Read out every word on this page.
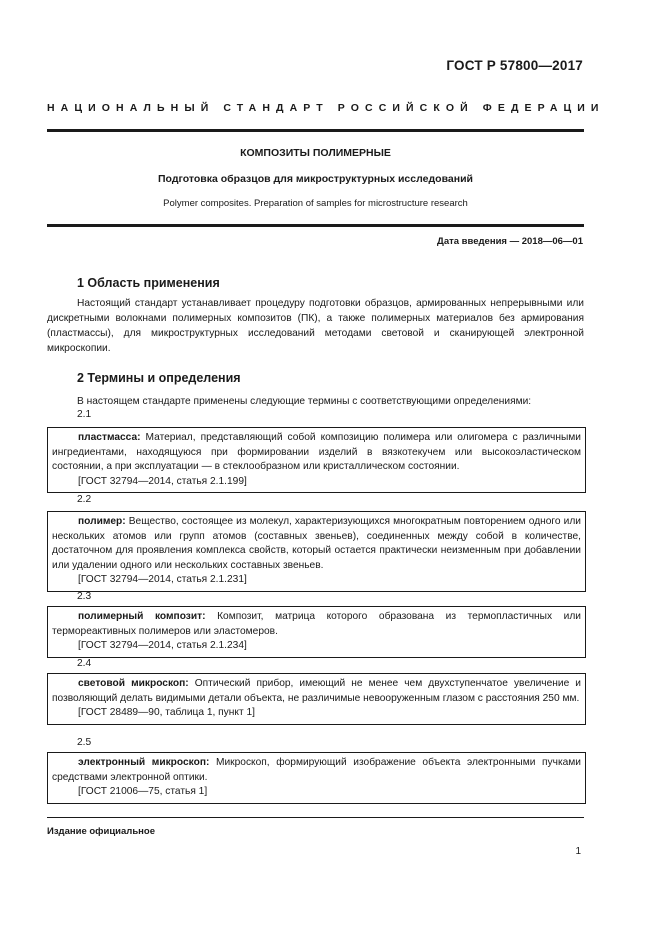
ГОСТ Р 57800—2017
НАЦИОНАЛЬНЫЙ СТАНДАРТ РОССИЙСКОЙ ФЕДЕРАЦИИ
КОМПОЗИТЫ ПОЛИМЕРНЫЕ
Подготовка образцов для микроструктурных исследований
Polymer composites. Preparation of samples for microstructure research
Дата введения — 2018—06—01
1 Область применения
Настоящий стандарт устанавливает процедуру подготовки образцов, армированных непрерывными или дискретными волокнами полимерных композитов (ПК), а также полимерных материалов без армирования (пластмассы), для микроструктурных исследований методами световой и сканирующей электронной микроскопии.
2 Термины и определения
В настоящем стандарте применены следующие термины с соответствующими определениями:
2.1
пластмасса: Материал, представляющий собой композицию полимера или олигомера с различными ингредиентами, находящуюся при формировании изделий в вязкотекучем или высокоэластическом состоянии, а при эксплуатации — в стеклообразном или кристаллическом состоянии.
[ГОСТ 32794—2014, статья 2.1.199]
2.2
полимер: Вещество, состоящее из молекул, характеризующихся многократным повторением одного или нескольких атомов или групп атомов (составных звеньев), соединенных между собой в количестве, достаточном для проявления комплекса свойств, который остается практически неизменным при добавлении или удалении одного или нескольких составных звеньев.
[ГОСТ 32794—2014, статья 2.1.231]
2.3
полимерный композит: Композит, матрица которого образована из термопластичных или термореактивных полимеров или эластомеров.
[ГОСТ 32794—2014, статья 2.1.234]
2.4
световой микроскоп: Оптический прибор, имеющий не менее чем двухступенчатое увеличение и позволяющий делать видимыми детали объекта, не различимые невооруженным глазом с расстояния 250 мм.
[ГОСТ 28489—90, таблица 1, пункт 1]
2.5
электронный микроскоп: Микроскоп, формирующий изображение объекта электронными пучками средствами электронной оптики.
[ГОСТ 21006—75, статья 1]
Издание официальное
1
